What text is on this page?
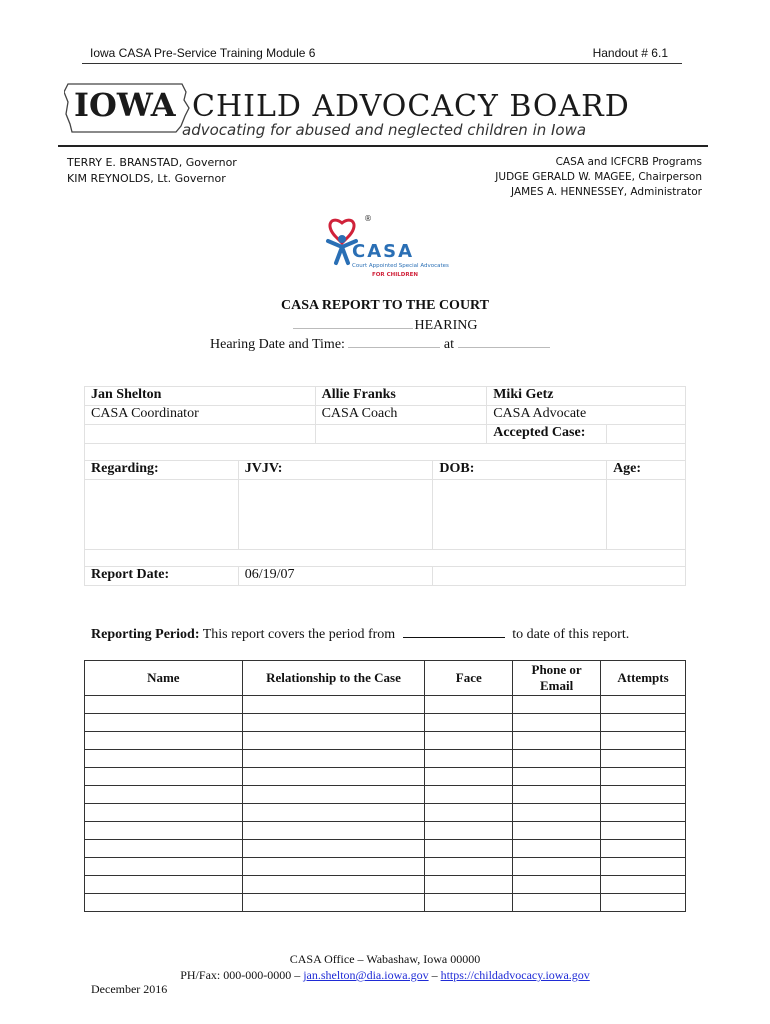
Iowa CASA Pre-Service Training Module 6	Handout # 6.1
IOWA CHILD ADVOCACY BOARD
advocating for abused and neglected children in Iowa
TERRY E. BRANSTAD, Governor
KIM REYNOLDS, Lt. Governor
CASA and ICFCRB Programs
JUDGE GERALD W. MAGEE, Chairperson
JAMES A. HENNESSEY, Administrator
®
CASA
Court Appointed Special Advocates
FOR CHILDREN
CASA REPORT TO THE COURT
HEARING
Hearing Date and Time:	at
Jan Shelton		Allie Franks		Miki Getz	
CASA Coordinator		CASA Coach		CASA Advocate	
				Accepted Case:	

Regarding:	JVJV:		DOB:		Age:

Report Date:	06/19/07				
Reporting Period: This report covers the period from	to date of this report.
Name	Relationship to the Case	Face	Phone or Email	Attempts

CASA Office – Wabashaw, Iowa 00000
PH/Fax: 000-000-0000 – jan.shelton@dia.iowa.gov – https://childadvocacy.iowa.gov
December 2016
